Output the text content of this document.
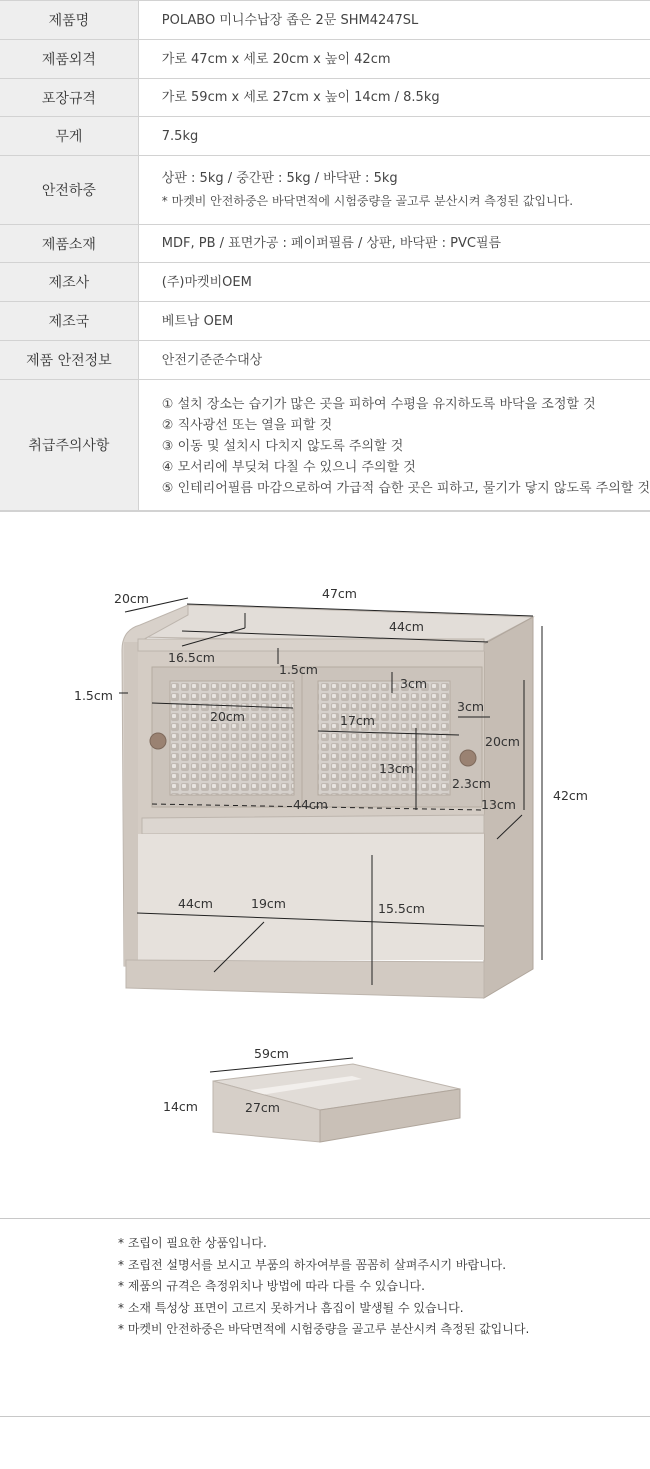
제품명	POLABO 미니수납장 좁은 2문 SHM4247SL

제품외격	가로 47cm x 세로 20cm x 높이 42cm

포장규격	가로 59cm x 세로 27cm x 높이 14cm / 8.5kg

무게	7.5kg

안전하중	상판 : 5kg / 중간판 : 5kg / 바닥판 : 5kg
* 마켓비 안전하중은 바닥면적에 시험중량을 골고루 분산시켜 측정된 값입니다.

제품소재	MDF, PB / 표면가공 : 페이퍼필름 / 상판, 바닥판 : PVC필름

제조사	(주)마켓비OEM

제조국	베트남 OEM

제품 안전정보	안전기준준수대상

취급주의사항	① 설치 장소는 습기가 많은 곳을 피하여 수평을 유지하도록 바닥을 조정할 것
② 직사광선 또는 열을 피할 것
③ 이동 및 설치시 다치지 않도록 주의할 것
④ 모서리에 부딪쳐 다칠 수 있으니 주의할 것
⑤ 인테리어필름 마감으로하여 가급적 습한 곳은 피하고, 물기가 닿지 않도록 주의할 것
20cm	47cm
44cm
16.5cm
1.5cm
1.5cm
3cm
20cm	17cm
3cm
20cm
13cm
2.3cm
13cm
44cm
42cm
44cm	19cm	15.5cm
59cm
27cm
14cm
* 조립이 필요한 상품입니다.
* 조립전 설명서를 보시고 부품의 하자여부를 꼼꼼히 살펴주시기 바랍니다.
* 제품의 규격은 측정위치나 방법에 따라 다를 수 있습니다.
* 소재 특성상 표면이 고르지 못하거나 흠집이 발생될 수 있습니다.
* 마켓비 안전하중은 바닥면적에 시험중량을 골고루 분산시켜 측정된 값입니다.
